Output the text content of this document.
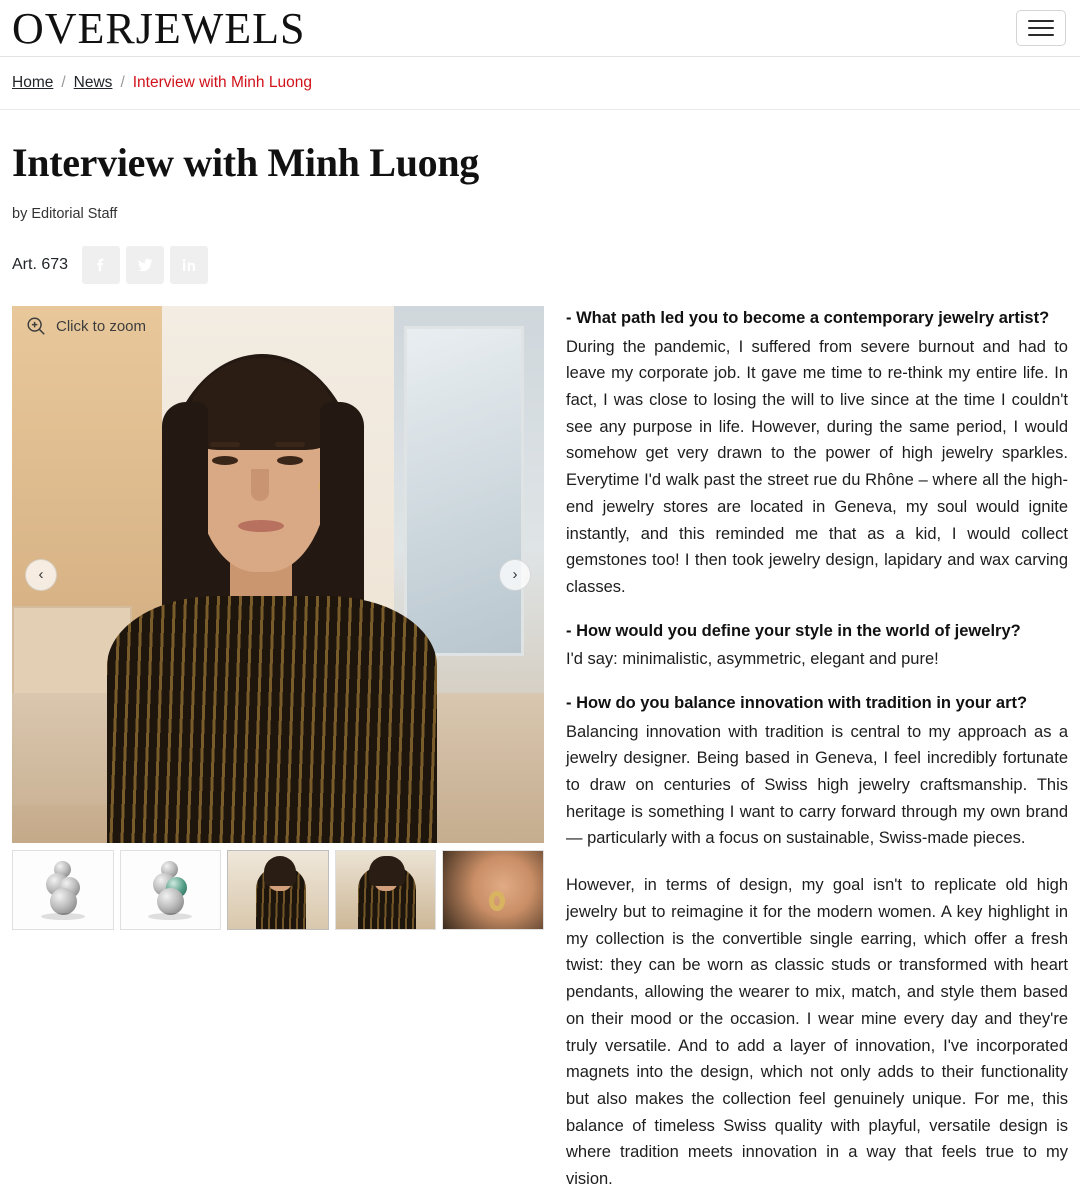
OVERJEWELS
Home / News / Interview with Minh Luong
Interview with Minh Luong
by Editorial Staff
Art. 673
Click to zoom
‹	›

- What path led you to become a contemporary jewelry artist?

During the pandemic, I suffered from severe burnout and had to leave my corporate job. It gave me time to re-think my entire life. In fact, I was close to losing the will to live since at the time I couldn't see any purpose in life. However, during the same period, I would somehow get very drawn to the power of high jewelry sparkles. Everytime I'd walk past the street rue du Rhône – where all the high-end jewelry stores are located in Geneva, my soul would ignite instantly, and this reminded me that as a kid, I would collect gemstones too! I then took jewelry design, lapidary and wax carving classes.

- How would you define your style in the world of jewelry?

I'd say: minimalistic, asymmetric, elegant and pure!

- How do you balance innovation with tradition in your art?

Balancing innovation with tradition is central to my approach as a jewelry designer. Being based in Geneva, I feel incredibly fortunate to draw on centuries of Swiss high jewelry craftsmanship. This heritage is something I want to carry forward through my own brand — particularly with a focus on sustainable, Swiss-made pieces.

However, in terms of design, my goal isn't to replicate old high jewelry but to reimagine it for the modern women. A key highlight in my collection is the convertible single earring, which offer a fresh twist: they can be worn as classic studs or transformed with heart pendants, allowing the wearer to mix, match, and style them based on their mood or the occasion. I wear mine every day and they're truly versatile. And to add a layer of innovation, I've incorporated magnets into the design, which not only adds to their functionality but also makes the collection feel genuinely unique. For me, this balance of timeless Swiss quality with playful, versatile design is where tradition meets innovation in a way that feels true to my vision.
